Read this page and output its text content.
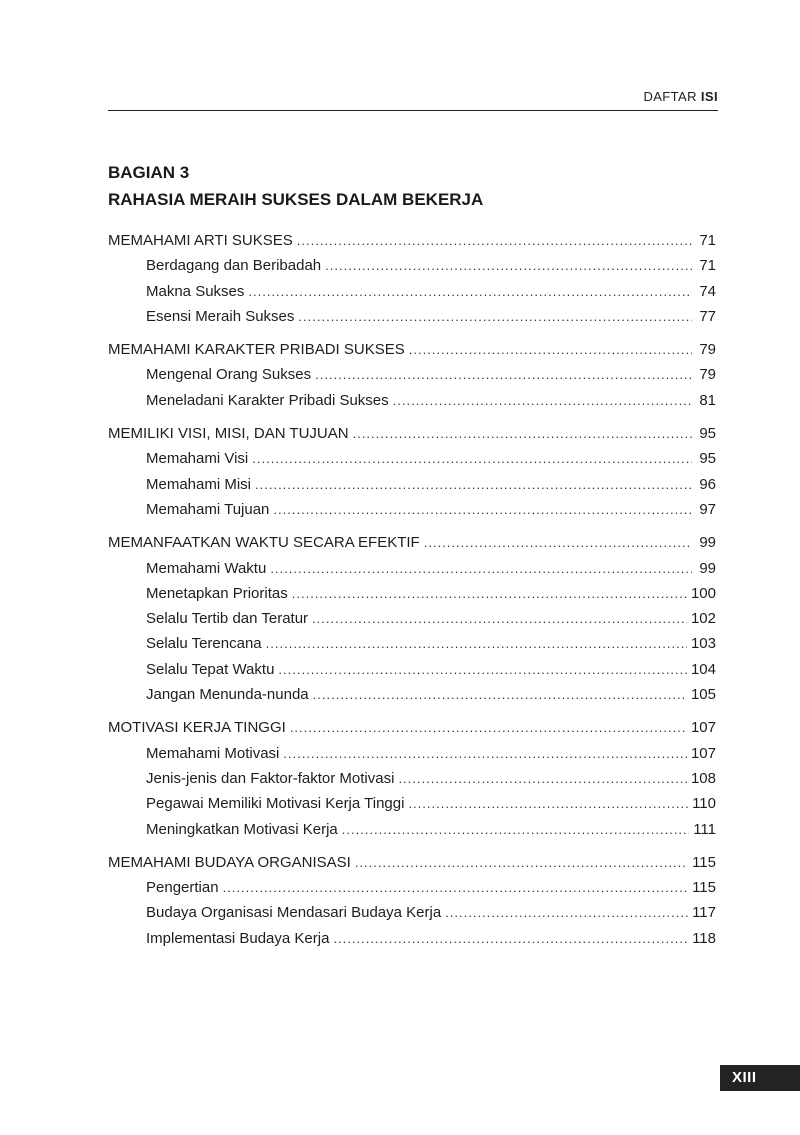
DAFTAR ISI
BAGIAN 3
RAHASIA MERAIH SUKSES DALAM BEKERJA
MEMAHAMI ARTI SUKSES .....	71
Berdagang dan Beribadah .....	71
Makna Sukses .....	74
Esensi Meraih Sukses .....	77
MEMAHAMI KARAKTER PRIBADI SUKSES .....	79
Mengenal Orang Sukses .....	79
Meneladani Karakter Pribadi Sukses .....	81
MEMILIKI VISI, MISI, DAN TUJUAN .....	95
Memahami Visi .....	95
Memahami Misi .....	96
Memahami Tujuan .....	97
MEMANFAATKAN WAKTU SECARA EFEKTIF .....	99
Memahami Waktu .....	99
Menetapkan Prioritas .....	100
Selalu Tertib dan Teratur .....	102
Selalu Terencana .....	103
Selalu Tepat Waktu .....	104
Jangan Menunda-nunda .....	105
MOTIVASI KERJA TINGGI .....	107
Memahami Motivasi .....	107
Jenis-jenis dan Faktor-faktor Motivasi .....	108
Pegawai Memiliki Motivasi Kerja Tinggi .....	110
Meningkatkan Motivasi Kerja .....	111
MEMAHAMI BUDAYA ORGANISASI .....	115
Pengertian .....	115
Budaya Organisasi Mendasari Budaya Kerja .....	117
Implementasi Budaya Kerja .....	118
XIII
